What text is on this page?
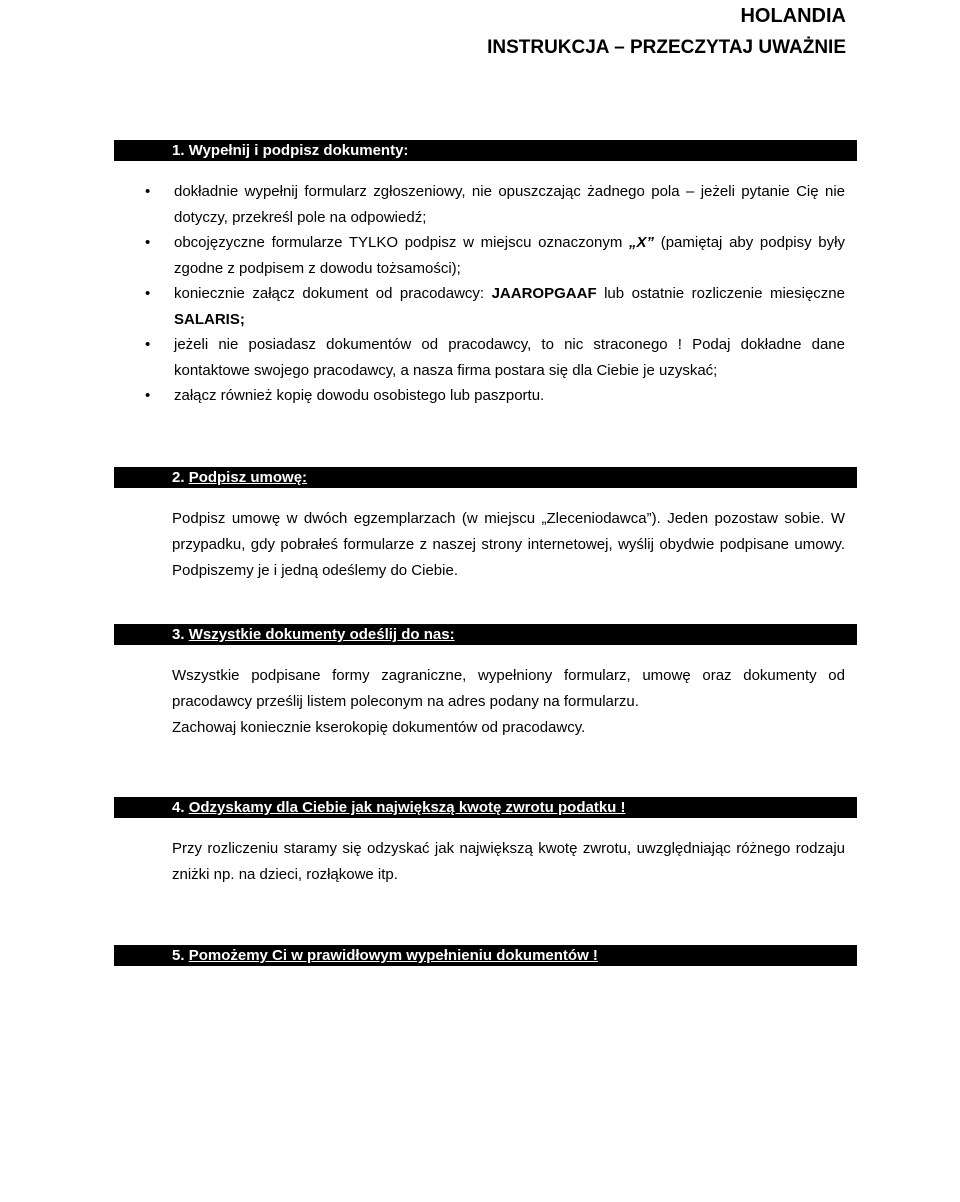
HOLANDIA
INSTRUKCJA – PRZECZYTAJ UWAŻNIE
1. Wypełnij i podpisz dokumenty:
• dokładnie wypełnij formularz zgłoszeniowy, nie opuszczając żadnego pola – jeżeli pytanie Cię nie dotyczy, przekreśl pole na odpowiedź;
• obcojęzyczne formularze TYLKO podpisz w miejscu oznaczonym „X” (pamiętaj aby podpisy były zgodne z podpisem z dowodu tożsamości);
• koniecznie załącz dokument od pracodawcy: JAAROPGAAF lub ostatnie rozliczenie miesięczne SALARIS;
• jeżeli nie posiadasz dokumentów od pracodawcy, to nic straconego ! Podaj dokładne dane kontaktowe swojego pracodawcy, a nasza firma postara się dla Ciebie je uzyskać;
• załącz również kopię dowodu osobistego lub paszportu.
2. Podpisz umowę:

Podpisz umowę w dwóch egzemplarzach (w miejscu „Zleceniodawca”). Jeden pozostaw sobie. W przypadku, gdy pobrałeś formularze z naszej strony internetowej, wyślij obydwie podpisane umowy. Podpiszemy je i jedną odeślemy do Ciebie.

3. Wszystkie dokumenty odeślij do nas:

Wszystkie podpisane formy zagraniczne, wypełniony formularz, umowę oraz dokumenty od pracodawcy prześlij listem poleconym na adres podany na formularzu.

Zachowaj koniecznie kserokopię dokumentów od pracodawcy.

4. Odzyskamy dla Ciebie jak największą kwotę zwrotu podatku !

Przy rozliczeniu staramy się odzyskać jak największą kwotę zwrotu, uwzględniając różnego rodzaju zniżki np. na dzieci, rozłąkowe itp.

5. Pomożemy Ci w prawidłowym wypełnieniu dokumentów !
